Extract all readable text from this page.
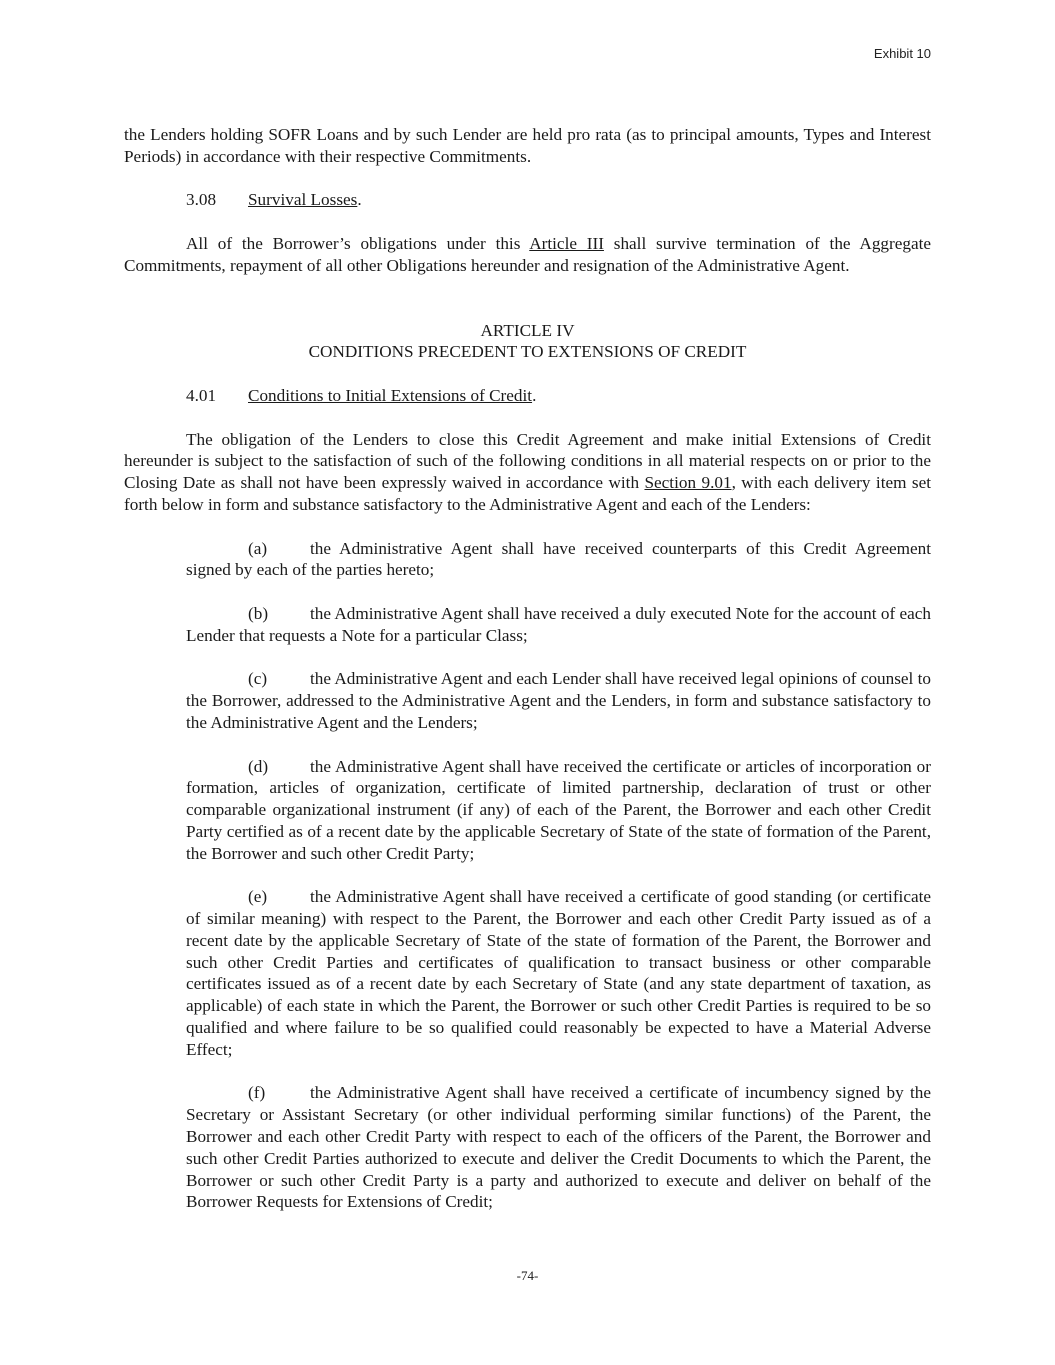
Exhibit 10

the Lenders holding SOFR Loans and by such Lender are held pro rata (as to principal amounts, Types and Interest Periods) in accordance with their respective Commitments.

3.08 Survival Losses.

All of the Borrower’s obligations under this Article III shall survive termination of the Aggregate Commitments, repayment of all other Obligations hereunder and resignation of the Administrative Agent.

ARTICLE IV
CONDITIONS PRECEDENT TO EXTENSIONS OF CREDIT

4.01 Conditions to Initial Extensions of Credit.

The obligation of the Lenders to close this Credit Agreement and make initial Extensions of Credit hereunder is subject to the satisfaction of such of the following conditions in all material respects on or prior to the Closing Date as shall not have been expressly waived in accordance with Section 9.01, with each delivery item set forth below in form and substance satisfactory to the Administrative Agent and each of the Lenders:

(a) the Administrative Agent shall have received counterparts of this Credit Agreement signed by each of the parties hereto;

(b) the Administrative Agent shall have received a duly executed Note for the account of each Lender that requests a Note for a particular Class;

(c) the Administrative Agent and each Lender shall have received legal opinions of counsel to the Borrower, addressed to the Administrative Agent and the Lenders, in form and substance satisfactory to the Administrative Agent and the Lenders;

(d) the Administrative Agent shall have received the certificate or articles of incorporation or formation, articles of organization, certificate of limited partnership, declaration of trust or other comparable organizational instrument (if any) of each of the Parent, the Borrower and each other Credit Party certified as of a recent date by the applicable Secretary of State of the state of formation of the Parent, the Borrower and such other Credit Party;

(e) the Administrative Agent shall have received a certificate of good standing (or certificate of similar meaning) with respect to the Parent, the Borrower and each other Credit Party issued as of a recent date by the applicable Secretary of State of the state of formation of the Parent, the Borrower and such other Credit Parties and certificates of qualification to transact business or other comparable certificates issued as of a recent date by each Secretary of State (and any state department of taxation, as applicable) of each state in which the Parent, the Borrower or such other Credit Parties is required to be so qualified and where failure to be so qualified could reasonably be expected to have a Material Adverse Effect;

(f)	the Administrative Agent shall have received a certificate of incumbency signed by the Secretary or Assistant Secretary (or other individual performing similar functions) of the Parent, the Borrower and each other Credit Party with respect to each of the officers of the Parent, the Borrower and such other Credit Parties authorized to execute and deliver the Credit Documents to which the Parent, the Borrower or such other Credit Party is a party and authorized to execute and deliver on behalf of the Borrower Requests for Extensions of Credit;

-74-
